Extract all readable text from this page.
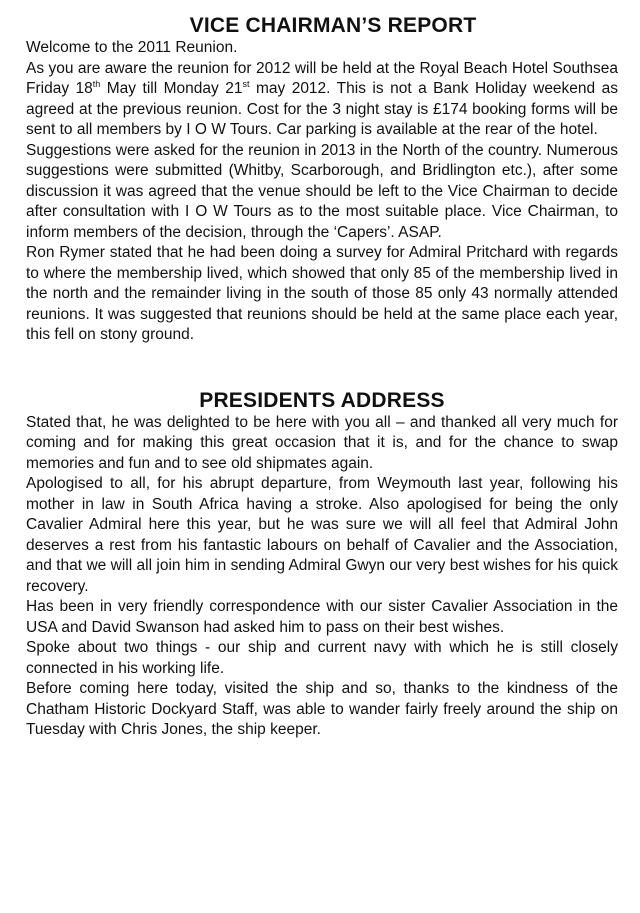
VICE CHAIRMAN’S REPORT

Welcome to the 2011 Reunion.

As you are aware the reunion for 2012 will be held at the Royal Beach Hotel Southsea Friday 18th May till Monday 21st may 2012. This is not a Bank Holiday weekend as agreed at the previous reunion. Cost for the 3 night stay is £174 booking forms will be sent to all members by I O W Tours. Car parking is available at the rear of the hotel.

Suggestions were asked for the reunion in 2013 in the North of the country. Numerous suggestions were submitted (Whitby, Scarborough, and Bridlington etc.), after some discussion it was agreed that the venue should be left to the Vice Chairman to decide after consultation with I O W Tours as to the most suitable place. Vice Chairman, to inform members of the decision, through the ‘Capers’. ASAP.

Ron Rymer stated that he had been doing a survey for Admiral Pritchard with regards to where the membership lived, which showed that only 85 of the membership lived in the north and the remainder living in the south of those 85 only 43 normally attended reunions. It was suggested that reunions should be held at the same place each year, this fell on stony ground.

PRESIDENTS ADDRESS

Stated that, he was delighted to be here with you all – and thanked all very much for coming and for making this great occasion that it is, and for the chance to swap memories and fun and to see old shipmates again.

Apologised to all, for his abrupt departure, from Weymouth last year, following his mother in law in South Africa having a stroke. Also apologised for being the only Cavalier Admiral here this year, but he was sure we will all feel that Admiral John deserves a rest from his fantastic labours on behalf of Cavalier and the Association, and that we will all join him in sending Admiral Gwyn our very best wishes for his quick recovery.

Has been in very friendly correspondence with our sister Cavalier Association in the USA and David Swanson had asked him to pass on their best wishes.

Spoke about two things - our ship and current navy with which he is still closely connected in his working life.

Before coming here today, visited the ship and so, thanks to the kindness of the Chatham Historic Dockyard Staff, was able to wander fairly freely around the ship on Tuesday with Chris Jones, the ship keeper.
